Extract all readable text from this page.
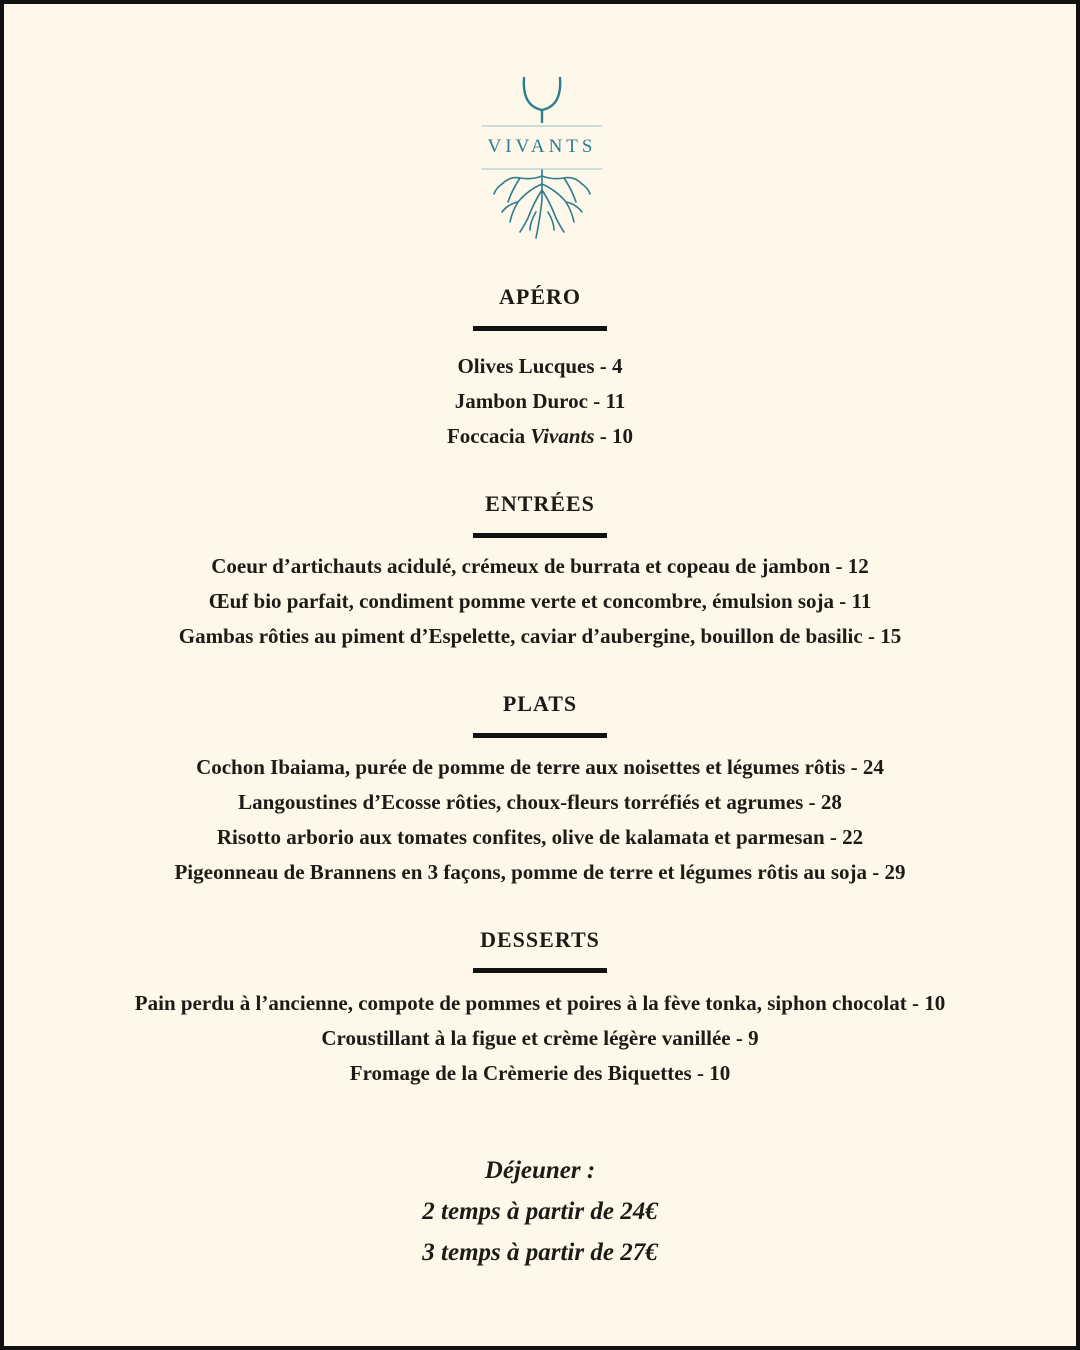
VIVANTS
APÉRO
Olives Lucques - 4
Jambon Duroc - 11
Foccacia Vivants - 10
ENTRÉES
Coeur d’artichauts acidulé, crémeux de burrata et copeau de jambon - 12
Œuf bio parfait, condiment pomme verte et concombre, émulsion soja - 11
Gambas rôties au piment d’Espelette, caviar d’aubergine, bouillon de basilic - 15
PLATS
Cochon Ibaiama, purée de pomme de terre aux noisettes et légumes rôtis - 24
Langoustines d’Ecosse rôties, choux-fleurs torréfiés et agrumes - 28
Risotto arborio aux tomates confites, olive de kalamata et parmesan - 22
Pigeonneau de Brannens en 3 façons, pomme de terre et légumes rôtis au soja - 29
DESSERTS
Pain perdu à l’ancienne, compote de pommes et poires à la fève tonka, siphon chocolat - 10
Croustillant à la figue et crème légère vanillée - 9
Fromage de la Crèmerie des Biquettes - 10
Déjeuner :
2 temps à partir de 24€
3 temps à partir de 27€
